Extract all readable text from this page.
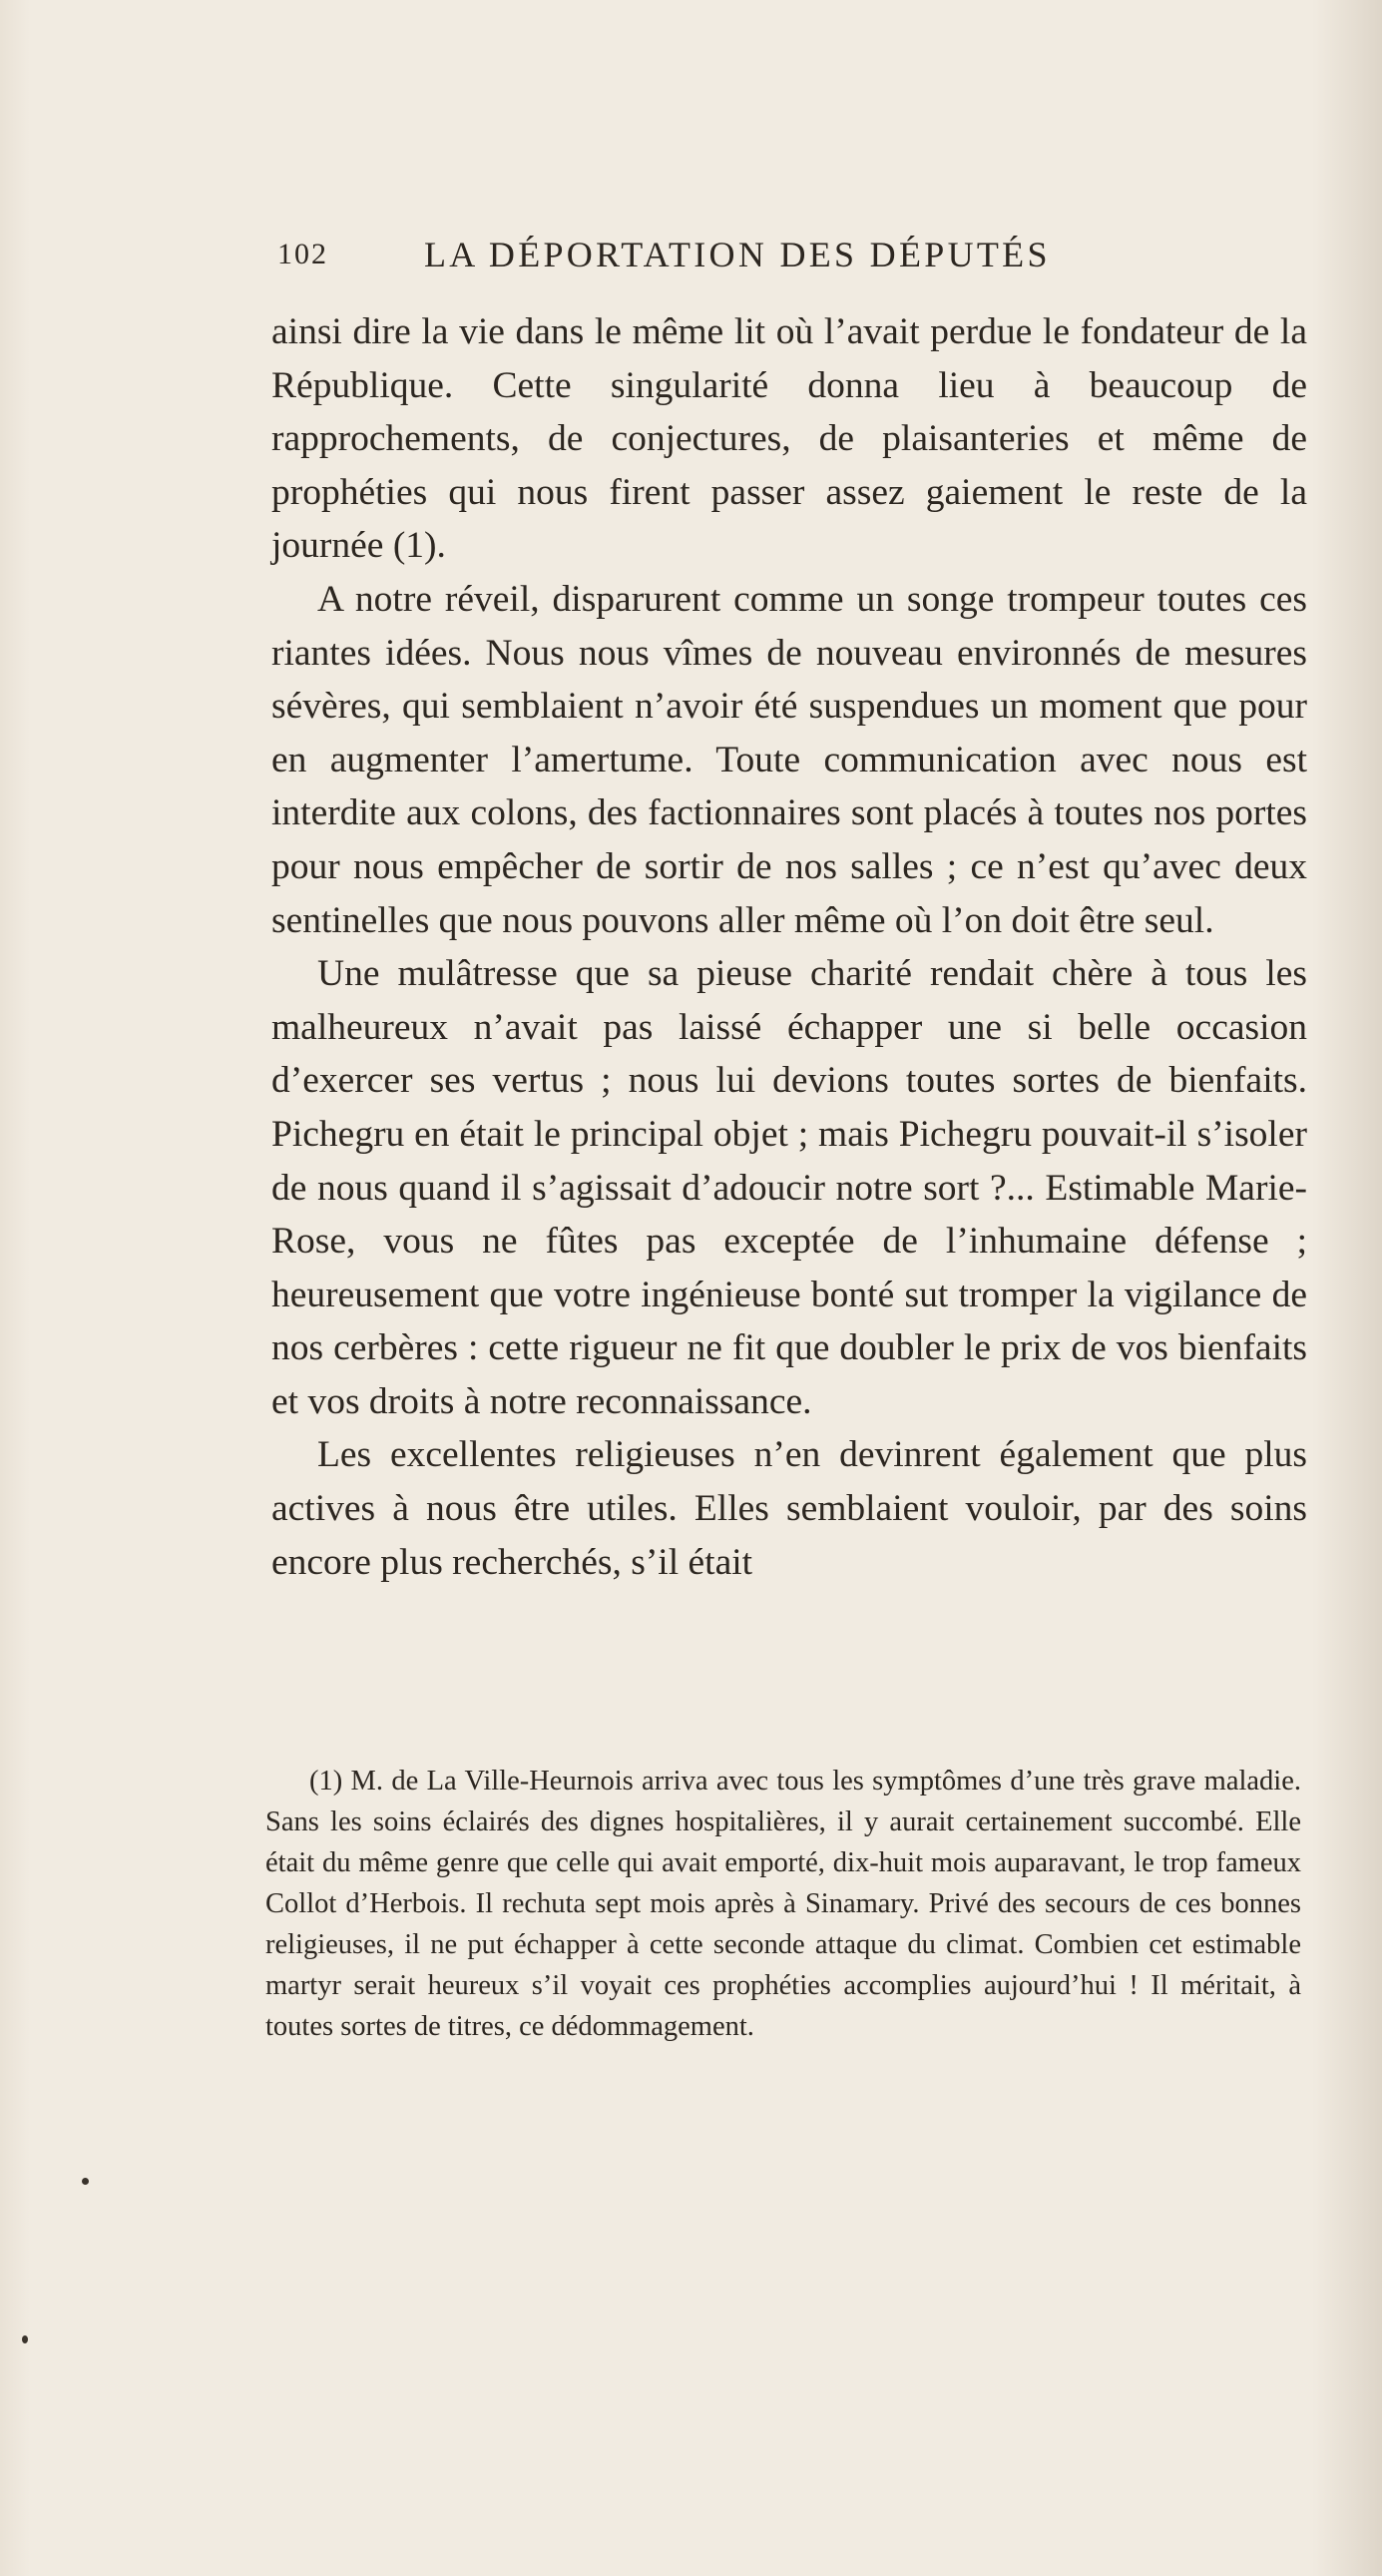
102	LA DÉPORTATION DES DÉPUTÉS

ainsi dire la vie dans le même lit où l’avait perdue le fondateur de la République. Cette singularité donna lieu à beaucoup de rapprochements, de conjectures, de plaisanteries et même de prophéties qui nous firent passer assez gaiement le reste de la journée (1).

A notre réveil, disparurent comme un songe trompeur toutes ces riantes idées. Nous nous vîmes de nouveau environnés de mesures sévères, qui semblaient n’avoir été suspendues un moment que pour en augmenter l’amertume. Toute communication avec nous est interdite aux colons, des factionnaires sont placés à toutes nos portes pour nous empêcher de sortir de nos salles ; ce n’est qu’avec deux sentinelles que nous pouvons aller même où l’on doit être seul.

Une mulâtresse que sa pieuse charité rendait chère à tous les malheureux n’avait pas laissé échapper une si belle occasion d’exercer ses vertus ; nous lui devions toutes sortes de bienfaits. Pichegru en était le principal objet ; mais Pichegru pouvait-il s’isoler de nous quand il s’agissait d’adoucir notre sort ?... Estimable Marie-Rose, vous ne fûtes pas exceptée de l’inhumaine défense ; heureusement que votre ingénieuse bonté sut tromper la vigilance de nos cerbères : cette rigueur ne fit que doubler le prix de vos bienfaits et vos droits à notre reconnaissance.

Les excellentes religieuses n’en devinrent également que plus actives à nous être utiles. Elles semblaient vouloir, par des soins encore plus recherchés, s’il était

(1) M. de La Ville-Heurnois arriva avec tous les symptômes d’une très grave maladie. Sans les soins éclairés des dignes hospitalières, il y aurait certainement succombé. Elle était du même genre que celle qui avait emporté, dix-huit mois auparavant, le trop fameux Collot d’Herbois. Il rechuta sept mois après à Sinamary. Privé des secours de ces bonnes religieuses, il ne put échapper à cette seconde attaque du climat. Combien cet estimable martyr serait heureux s’il voyait ces prophéties accomplies aujourd’hui ! Il méritait, à toutes sortes de titres, ce dédommagement.
